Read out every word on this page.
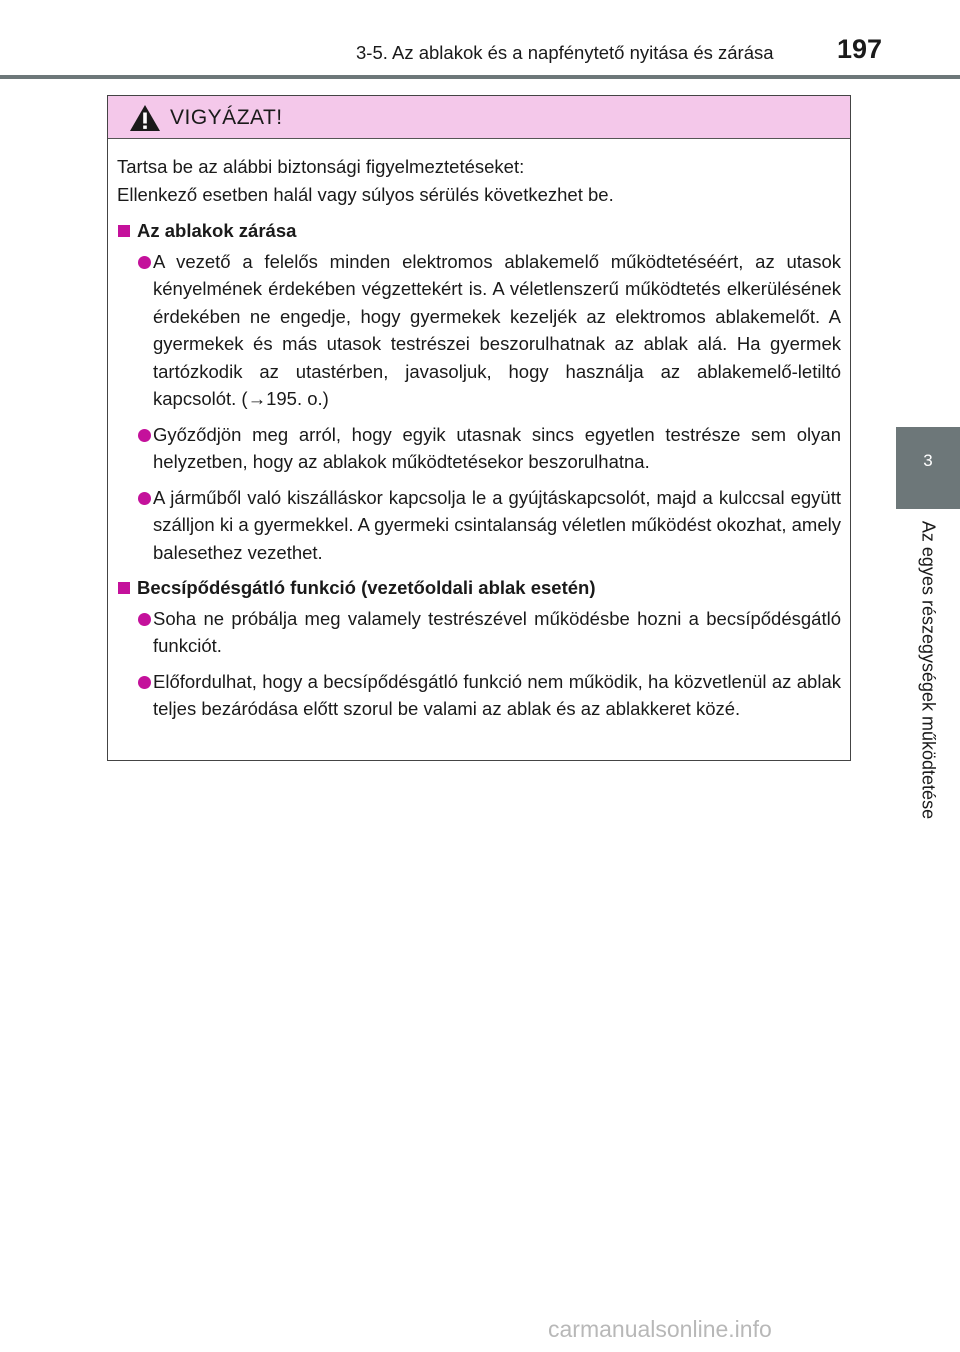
3-5. Az ablakok és a napfénytető nyitása és zárása 197
3
Az egyes részegységek működtetése
VIGYÁZAT!

Tartsa be az alábbi biztonsági figyelmeztetéseket:

Ellenkező esetben halál vagy súlyos sérülés következhet be.

Az ablakok zárása
A vezető a felelős minden elektromos ablakemelő működtetéséért, az utasok kényelmének érdekében végzettekért is. A véletlenszerű működtetés elkerülésének érdekében ne engedje, hogy gyermekek kezeljék az elektromos ablakemelőt. A gyermekek és más utasok testrészei beszorulhatnak az ablak alá. Ha gyermek tartózkodik az utastérben, javasoljuk, hogy használja az ablakemelő-letiltó kapcsolót. (→195. o.)
Győződjön meg arról, hogy egyik utasnak sincs egyetlen testrésze sem olyan helyzetben, hogy az ablakok működtetésekor beszorulhatna.
A járműből való kiszálláskor kapcsolja le a gyújtáskapcsolót, majd a kulccsal együtt szálljon ki a gyermekkel. A gyermeki csintalanság véletlen működést okozhat, amely balesethez vezethet.
Becsípődésgátló funkció (vezetőoldali ablak esetén)
Soha ne próbálja meg valamely testrészével működésbe hozni a becsípődésgátló funkciót.
Előfordulhat, hogy a becsípődésgátló funkció nem működik, ha közvetlenül az ablak teljes bezáródása előtt szorul be valami az ablak és az ablakkeret közé.
carmanualsonline.info
